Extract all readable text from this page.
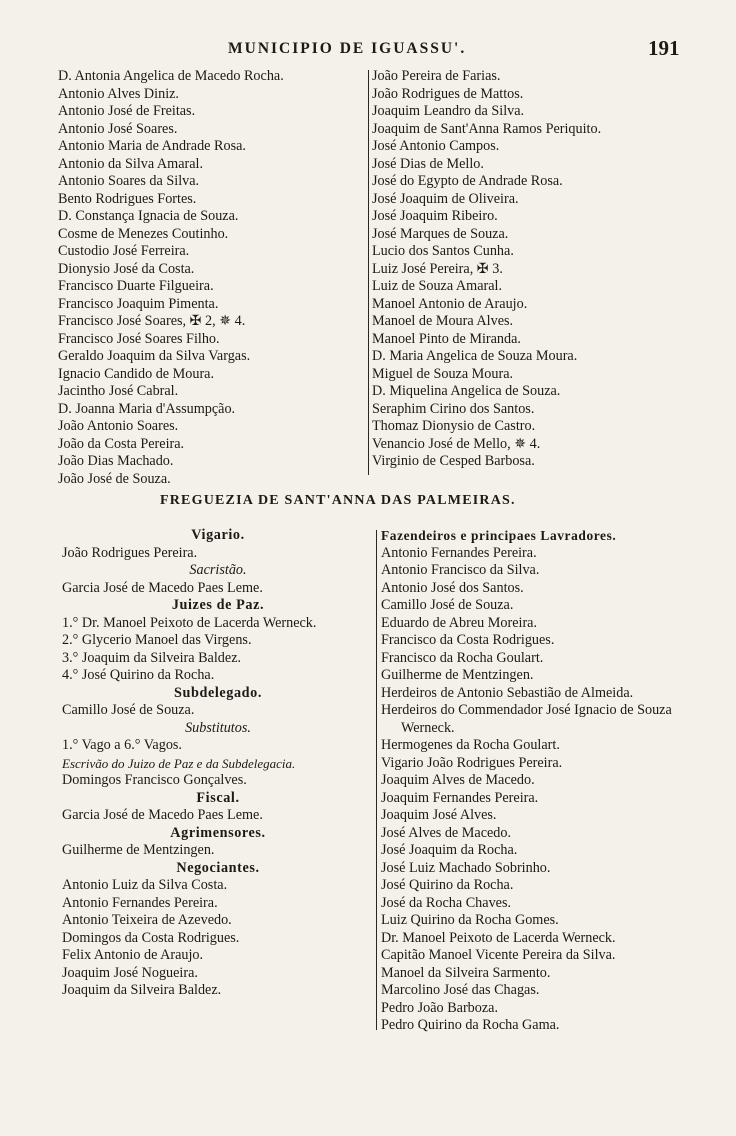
MUNICIPIO DE IGUASSU'.	191
D. Antonia Angelica de Macedo Rocha.
Antonio Alves Diniz.
Antonio José de Freitas.
Antonio José Soares.
Antonio Maria de Andrade Rosa.
Antonio da Silva Amaral.
Antonio Soares da Silva.
Bento Rodrigues Fortes.
D. Constança Ignacia de Souza.
Cosme de Menezes Coutinho.
Custodio José Ferreira.
Dionysio José da Costa.
Francisco Duarte Filgueira.
Francisco Joaquim Pimenta.
Francisco José Soares, ✠ 2, ✵ 4.
Francisco José Soares Filho.
Geraldo Joaquim da Silva Vargas.
Ignacio Candido de Moura.
Jacintho José Cabral.
D. Joanna Maria d'Assumpção.
João Antonio Soares.
João da Costa Pereira.
João Dias Machado.
João José de Souza.
João Pereira de Farias.
João Rodrigues de Mattos.
Joaquim Leandro da Silva.
Joaquim de Sant'Anna Ramos Periquito.
José Antonio Campos.
José Dias de Mello.
José do Egypto de Andrade Rosa.
José Joaquim de Oliveira.
José Joaquim Ribeiro.
José Marques de Souza.
Lucio dos Santos Cunha.
Luiz José Pereira, ✠ 3.
Luiz de Souza Amaral.
Manoel Antonio de Araujo.
Manoel de Moura Alves.
Manoel Pinto de Miranda.
D. Maria Angelica de Souza Moura.
Miguel de Souza Moura.
D. Miquelina Angelica de Souza.
Seraphim Cirino dos Santos.
Thomaz Dionysio de Castro.
Venancio José de Mello, ✵ 4.
Virginio de Cesped Barbosa.
FREGUEZIA DE SANT'ANNA DAS PALMEIRAS.
Vigario.
João Rodrigues Pereira.
Sacristão.
Garcia José de Macedo Paes Leme.
Juizes de Paz.
1.° Dr. Manoel Peixoto de Lacerda Werneck.
2.° Glycerio Manoel das Virgens.
3.° Joaquim da Silveira Baldez.
4.° José Quirino da Rocha.
Subdelegado.
Camillo José de Souza.
Substitutos.
1.° Vago a 6.° Vagos.
Escrivão do Juizo de Paz e da Subdelegacia.
Domingos Francisco Gonçalves.
Fiscal.
Garcia José de Macedo Paes Leme.
Agrimensores.
Guilherme de Mentzingen.
Negociantes.
Antonio Luiz da Silva Costa.
Antonio Fernandes Pereira.
Antonio Teixeira de Azevedo.
Domingos da Costa Rodrigues.
Felix Antonio de Araujo.
Joaquim José Nogueira.
Joaquim da Silveira Baldez.
Fazendeiros e principaes Lavradores.
Antonio Fernandes Pereira.
Antonio Francisco da Silva.
Antonio José dos Santos.
Camillo José de Souza.
Eduardo de Abreu Moreira.
Francisco da Costa Rodrigues.
Francisco da Rocha Goulart.
Guilherme de Mentzingen.
Herdeiros de Antonio Sebastião de Almeida.
Herdeiros do Commendador José Ignacio de Souza Werneck.
Hermogenes da Rocha Goulart.
Vigario João Rodrigues Pereira.
Joaquim Alves de Macedo.
Joaquim Fernandes Pereira.
Joaquim José Alves.
José Alves de Macedo.
José Joaquim da Rocha.
José Luiz Machado Sobrinho.
José Quirino da Rocha.
José da Rocha Chaves.
Luiz Quirino da Rocha Gomes.
Dr. Manoel Peixoto de Lacerda Werneck.
Capitão Manoel Vicente Pereira da Silva.
Manoel da Silveira Sarmento.
Marcolino José das Chagas.
Pedro João Barboza.
Pedro Quirino da Rocha Gama.
